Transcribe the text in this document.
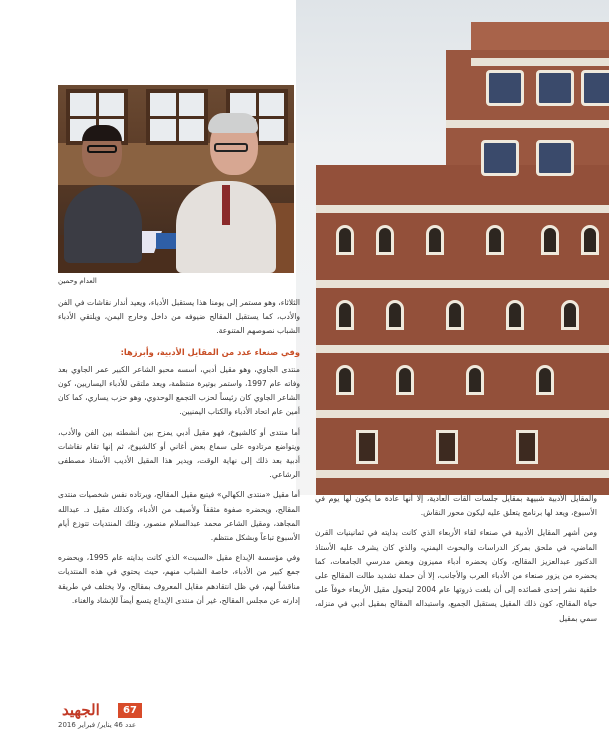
العدام وحمين

الثلاثاء، وهو مستمر إلى يومنا هذا يستقبل الأدباء، ويعيد أندار نقاشات في الفن والأدب، كما يستقبل المقالح ضيوفه من داخل وخارج اليمن، ويلتقي الأدباء الشباب نصوصهم المتنوعة.

وفي صنعاء عدد من المقايل الأدبية، وأبرزها:

منتدى الجاوي، وهو مقيل أدبي، أسسه محبو الشاعر الكبير عمر الجاوي بعد وفاته عام 1997، واستمر بوتيرة منتظمة، ويعد ملتقى للأدباء اليساريين، كون الشاعر الجاوي كان رئيساً لحزب التجمع الوحدوي، وهو حزب يساري، كما كان أمين عام اتحاد الأدباء والكتاب اليمنيين.

أما منتدى أو كالشيوخ، فهو مقيل أدبي يمزج بين أنشطته بين الفن والأدب، ويتواضع مرتادوه على سماع بعض أغاني أو كالشيوخ، ثم إنها تقام نقاشات أدبية بعد ذلك إلى نهاية الوقت، ويدير هذا المقيل الأديب الأستاذ مصطفى الرشاعي.

أما مقيل «منتدى الكهالي» فيتبع مقيل المقالح، ويرتاده نفس شخصيات منتدى المقالح، ويحضره صفوة مثقفاً ولأصيف من الأدباء، وكذلك مقيل د. عبدالله المجاهد، ومقيل الشاعر محمد عبدالسلام منصور، وتلك المنتديات تتوزع أيام الأسبوع تباعاً وبشكل منتظم.

وفي مؤسسة الإبداع مقيل «السبت» الذي كانت بدايته عام 1995، ويحضره جمع كبير من الأدباء، خاصة الشباب منهم، حيث يحتوي في هذه المنتديات مناقشاً لهم، في ظل انتقادهم مقايل المعروف بمقالح، ولا يختلف في طريقة إدارته عن مجلس المقالح، غير أن منتدى الإبداع يتسع أيضاً للإنشاد والغناء.

والمقايل الأدبية شبيهة بمقايل جلسات القات العادية، إلا أنها عادة ما يكون لها يوم في الأسبوع، ويعد لها برنامج يتعلق عليه ليكون محور النقاش.

ومن أشهر المقايل الأدبية في صنعاء لقاء الأربعاء الذي كانت بدايته في ثمانينيات القرن الماضي، في ملحق بمركز الدراسات والبحوث اليمني، والذي كان يشرف عليه الأستاذ الدكتور عبدالعزيز المقالح، وكان يحضره أدباء مميزون وبعض مدرسي الجامعات، كما يحضره من يزور صنعاء من الأدباء العرب والأجانب، إلا أن حملة تشديد طالت المقالح على خلفية نشر إحدى قصائده إلى أن بلغت ذروتها عام 2004 ليتحول مقيل الأربعاء خوفاً على حياة المقالح، كون ذلك المقيل يستقبل الجميع، واستبداله المقالح بمقيل أدبي في منزله، سمي بمقيل

الجهيد	67
عدد 46 يناير/ فبراير 2016
